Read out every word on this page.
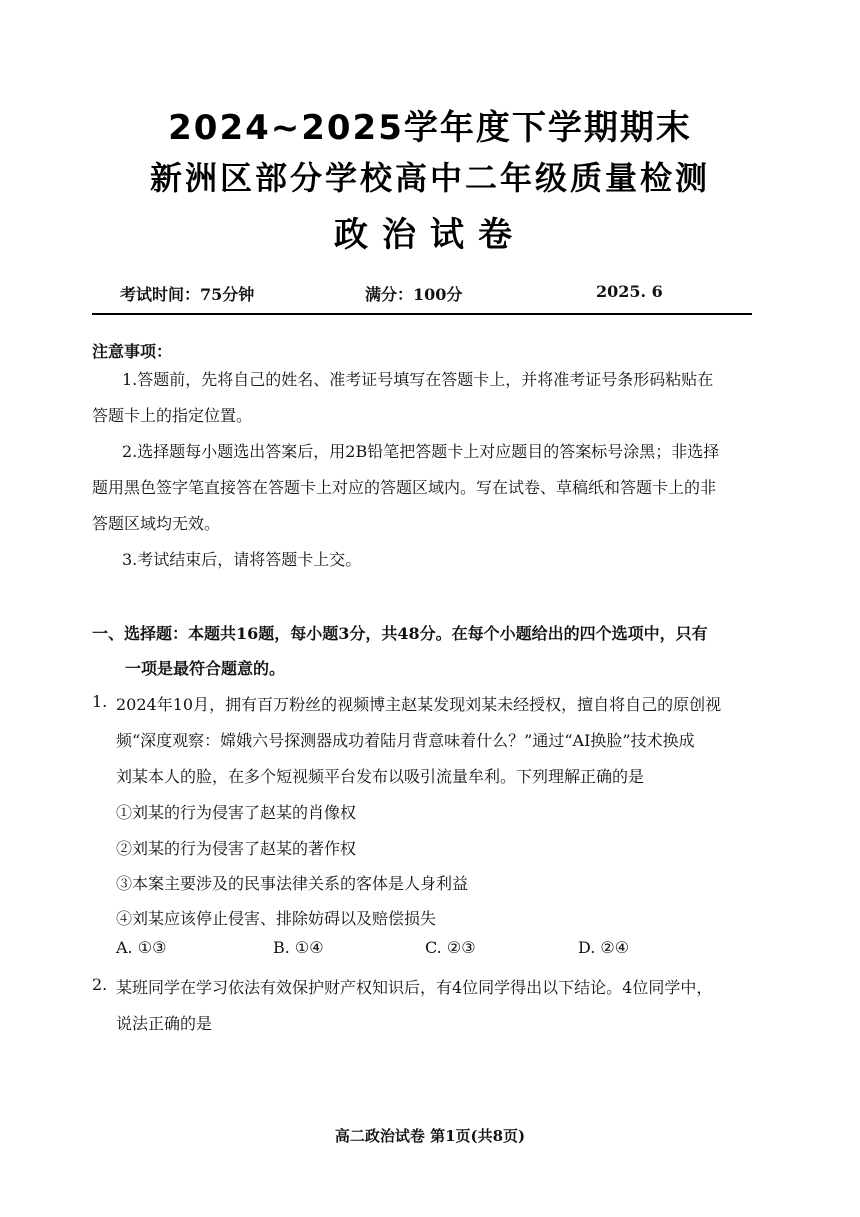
2024~2025学年度下学期期末
新洲区部分学校高中二年级质量检测
政治试卷
考试时间：75分钟	满分：100分	2025. 6
注意事项：
1.答题前，先将自己的姓名、准考证号填写在答题卡上，并将准考证号条形码粘贴在
答题卡上的指定位置。
2.选择题每小题选出答案后，用2B铅笔把答题卡上对应题目的答案标号涂黑；非选择
题用黑色签字笔直接答在答题卡上对应的答题区域内。写在试卷、草稿纸和答题卡上的非
答题区域均无效。
3.考试结束后，请将答题卡上交。
一、选择题：本题共16题，每小题3分，共48分。在每个小题给出的四个选项中，只有
一项是最符合题意的。
1. 2024年10月，拥有百万粉丝的视频博主赵某发现刘某未经授权，擅自将自己的原创视
频“深度观察：嫦娥六号探测器成功着陆月背意味着什么？”通过“AI换脸”技术换成
刘某本人的脸，在多个短视频平台发布以吸引流量牟利。下列理解正确的是
①刘某的行为侵害了赵某的肖像权
②刘某的行为侵害了赵某的著作权
③本案主要涉及的民事法律关系的客体是人身利益
④刘某应该停止侵害、排除妨碍以及赔偿损失
A. ①③	B. ①④	C. ②③	D. ②④
2. 某班同学在学习依法有效保护财产权知识后，有4位同学得出以下结论。4位同学中，
说法正确的是
高二政治试卷 第1页(共8页)
